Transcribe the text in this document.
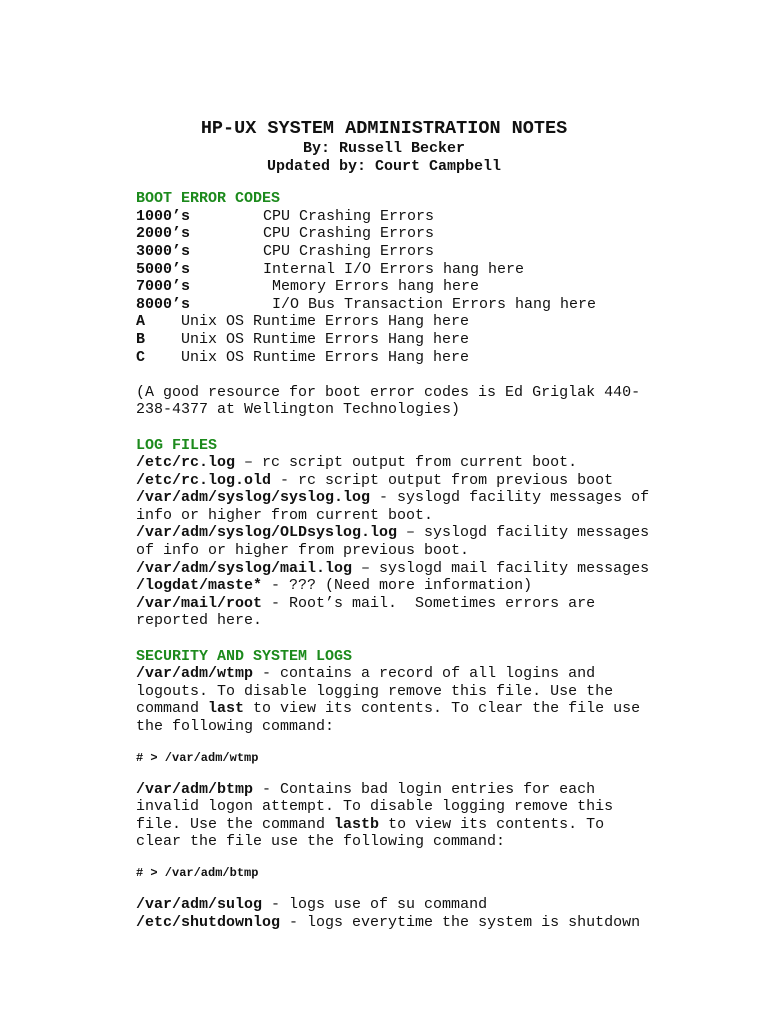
HP-UX SYSTEM ADMINISTRATION NOTES
By: Russell Becker
Updated by: Court Campbell
BOOT ERROR CODES
1000’s	CPU Crashing Errors
2000’s	CPU Crashing Errors
3000’s	CPU Crashing Errors
5000’s	Internal I/O Errors hang here
7000’s	Memory Errors hang here
8000’s	I/O Bus Transaction Errors hang here
A Unix OS Runtime Errors Hang here
B Unix OS Runtime Errors Hang here
C Unix OS Runtime Errors Hang here
(A good resource for boot error codes is Ed Griglak 440-
238-4377 at Wellington Technologies)
LOG FILES
/etc/rc.log – rc script output from current boot.
/etc/rc.log.old - rc script output from previous boot
/var/adm/syslog/syslog.log - syslogd facility messages of
info or higher from current boot.
/var/adm/syslog/OLDsyslog.log – syslogd facility messages
of info or higher from previous boot.
/var/adm/syslog/mail.log – syslogd mail facility messages
/logdat/maste* - ??? (Need more information)
/var/mail/root - Root’s mail.  Sometimes errors are
reported here.
SECURITY AND SYSTEM LOGS
/var/adm/wtmp - contains a record of all logins and
logouts. To disable logging remove this file. Use the
command last to view its contents. To clear the file use
the following command:
# > /var/adm/wtmp
/var/adm/btmp - Contains bad login entries for each
invalid logon attempt. To disable logging remove this
file. Use the command lastb to view its contents. To
clear the file use the following command:
# > /var/adm/btmp
/var/adm/sulog - logs use of su command
/etc/shutdownlog - logs everytime the system is shutdown
